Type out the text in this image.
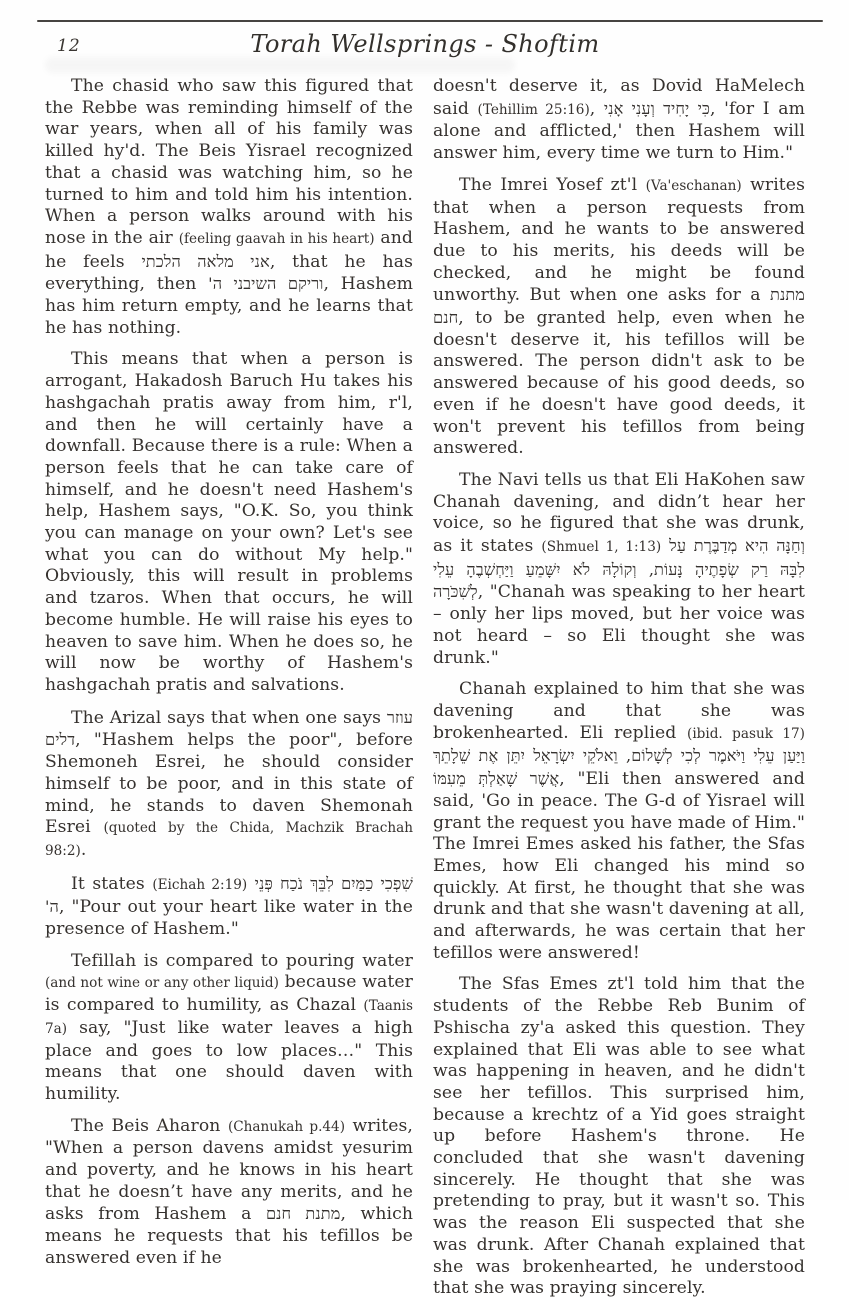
12	Torah Wellsprings - Shoftim

The chasid who saw this figured that the Rebbe was reminding himself of the war years, when all of his family was killed hy'd. The Beis Yisrael recognized that a chasid was watching him, so he turned to him and told him his intention. When a person walks around with his nose in the air (feeling gaavah in his heart) and he feels אני מלאה הלכתי, that he has everything, then וריקם השיבני ה', Hashem has him return empty, and he learns that he has nothing.

This means that when a person is arrogant, Hakadosh Baruch Hu takes his hashgachah pratis away from him, r'l, and then he will certainly have a downfall. Because there is a rule: When a person feels that he can take care of himself, and he doesn't need Hashem's help, Hashem says, "O.K. So, you think you can manage on your own? Let's see what you can do without My help." Obviously, this will result in problems and tzaros. When that occurs, he will become humble. He will raise his eyes to heaven to save him. When he does so, he will now be worthy of Hashem's hashgachah pratis and salvations.

The Arizal says that when one says עוזר דלים, "Hashem helps the poor", before Shemoneh Esrei, he should consider himself to be poor, and in this state of mind, he stands to daven Shemonah Esrei (quoted by the Chida, Machzik Brachah 98:2).

It states (Eichah 2:19) שִׁפְכִי כַמַּיִם לִבֵּךְ נֹכַח פְּנֵי ה', "Pour out your heart like water in the presence of Hashem."

Tefillah is compared to pouring water (and not wine or any other liquid) because water is compared to humility, as Chazal (Taanis 7a) say, "Just like water leaves a high place and goes to low places…" This means that one should daven with humility.

The Beis Aharon (Chanukah p.44) writes, "When a person davens amidst yesurim and poverty, and he knows in his heart that he doesn’t have any merits, and he asks from Hashem a מתנת חנם, which means he requests that his tefillos be answered even if he

doesn't deserve it, as Dovid HaMelech said (Tehillim 25:16), כִּי יָחִיד וְעָנִי אָנִי, 'for I am alone and afflicted,' then Hashem will answer him, every time we turn to Him."

The Imrei Yosef zt'l (Va'eschanan) writes that when a person requests from Hashem, and he wants to be answered due to his merits, his deeds will be checked, and he might be found unworthy. But when one asks for a מתנת חנם, to be granted help, even when he doesn't deserve it, his tefillos will be answered. The person didn't ask to be answered because of his good deeds, so even if he doesn't have good deeds, it won't prevent his tefillos from being answered.

The Navi tells us that Eli HaKohen saw Chanah davening, and didn’t hear her voice, so he figured that she was drunk, as it states (Shmuel 1, 1:13) וְחַנָּה הִיא מְדַבֶּרֶת עַל לִבָּהּ רַק שְׂפָתֶיהָ נָּעוֹת, וְקוֹלָהּ לֹא יִשָּׁמֵעַ וַיַּחְשְׁבֶהָ עֵלִי לְשִׁכֹּרָה, "Chanah was speaking to her heart – only her lips moved, but her voice was not heard – so Eli thought she was drunk."

Chanah explained to him that she was davening and that she was brokenhearted. Eli replied (ibid. pasuk 17) וַיַּעַן עֵלִי וַיֹּאמֶר לְכִי לְשָׁלוֹם, וֵאלֹקֵי יִשְׂרָאֵל יִתֵּן אֶת שֵׁלָתֵךְ אֲשֶׁר שָׁאַלְתְּ מֵעִמּוֹ, "Eli then answered and said, 'Go in peace. The G-d of Yisrael will grant the request you have made of Him." The Imrei Emes asked his father, the Sfas Emes, how Eli changed his mind so quickly. At first, he thought that she was drunk and that she wasn't davening at all, and afterwards, he was certain that her tefillos were answered!

The Sfas Emes zt'l told him that the students of the Rebbe Reb Bunim of Pshischa zy'a asked this question. They explained that Eli was able to see what was happening in heaven, and he didn't see her tefillos. This surprised him, because a krechtz of a Yid goes straight up before Hashem's throne. He concluded that she wasn't davening sincerely. He thought that she was pretending to pray, but it wasn't so. This was the reason Eli suspected that she was drunk. After Chanah explained that she was brokenhearted, he understood that she was praying sincerely.
